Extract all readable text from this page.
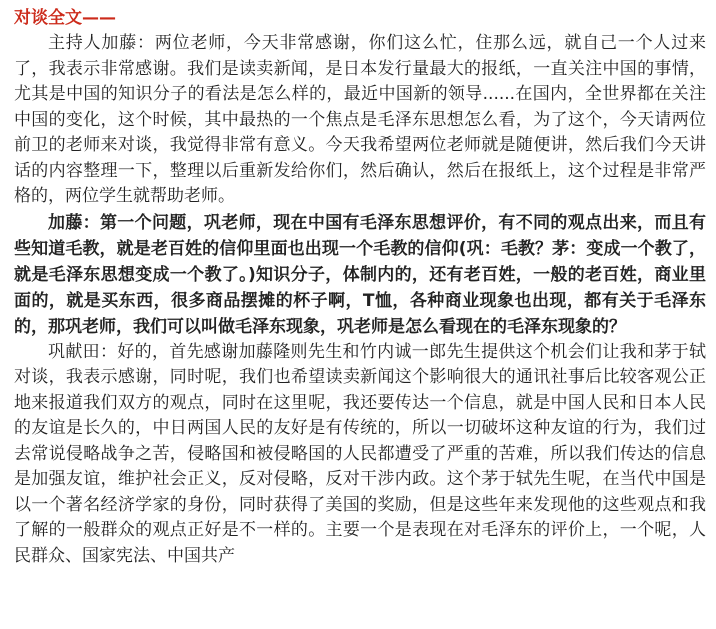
对谈全文——

主持人加藤：两位老师，今天非常感谢，你们这么忙，住那么远，就自己一个人过来了，我表示非常感谢。我们是读卖新闻，是日本发行量最大的报纸，一直关注中国的事情，尤其是中国的知识分子的看法是怎么样的，最近中国新的领导......在国内，全世界都在关注中国的变化，这个时候，其中最热的一个焦点是毛泽东思想怎么看，为了这个，今天请两位前卫的老师来对谈，我觉得非常有意义。今天我希望两位老师就是随便讲，然后我们今天讲话的内容整理一下，整理以后重新发给你们，然后确认，然后在报纸上，这个过程是非常严格的，两位学生就帮助老师。

加藤：第一个问题，巩老师，现在中国有毛泽东思想评价，有不同的观点出来，而且有些知道毛教，就是老百姓的信仰里面也出现一个毛教的信仰(巩：毛教？茅：变成一个教了，就是毛泽东思想变成一个教了。)知识分子，体制内的，还有老百姓，一般的老百姓，商业里面的，就是买东西，很多商品摆摊的杯子啊，T恤，各种商业现象也出现，都有关于毛泽东的，那巩老师，我们可以叫做毛泽东现象，巩老师是怎么看现在的毛泽东现象的？

巩献田：好的，首先感谢加藤隆则先生和竹内诚一郎先生提供这个机会们让我和茅于轼对谈，我表示感谢，同时呢，我们也希望读卖新闻这个影响很大的通讯社事后比较客观公正地来报道我们双方的观点，同时在这里呢，我还要传达一个信息，就是中国人民和日本人民的友谊是长久的，中日两国人民的友好是有传统的，所以一切破坏这种友谊的行为，我们过去常说侵略战争之苦，侵略国和被侵略国的人民都遭受了严重的苦难，所以我们传达的信息是加强友谊，维护社会正义，反对侵略，反对干涉内政。这个茅于轼先生呢，在当代中国是以一个著名经济学家的身份，同时获得了美国的奖励，但是这些年来发现他的这些观点和我了解的一般群众的观点正好是不一样的。主要一个是表现在对毛泽东的评价上，一个呢，人民群众、国家宪法、中国共产
